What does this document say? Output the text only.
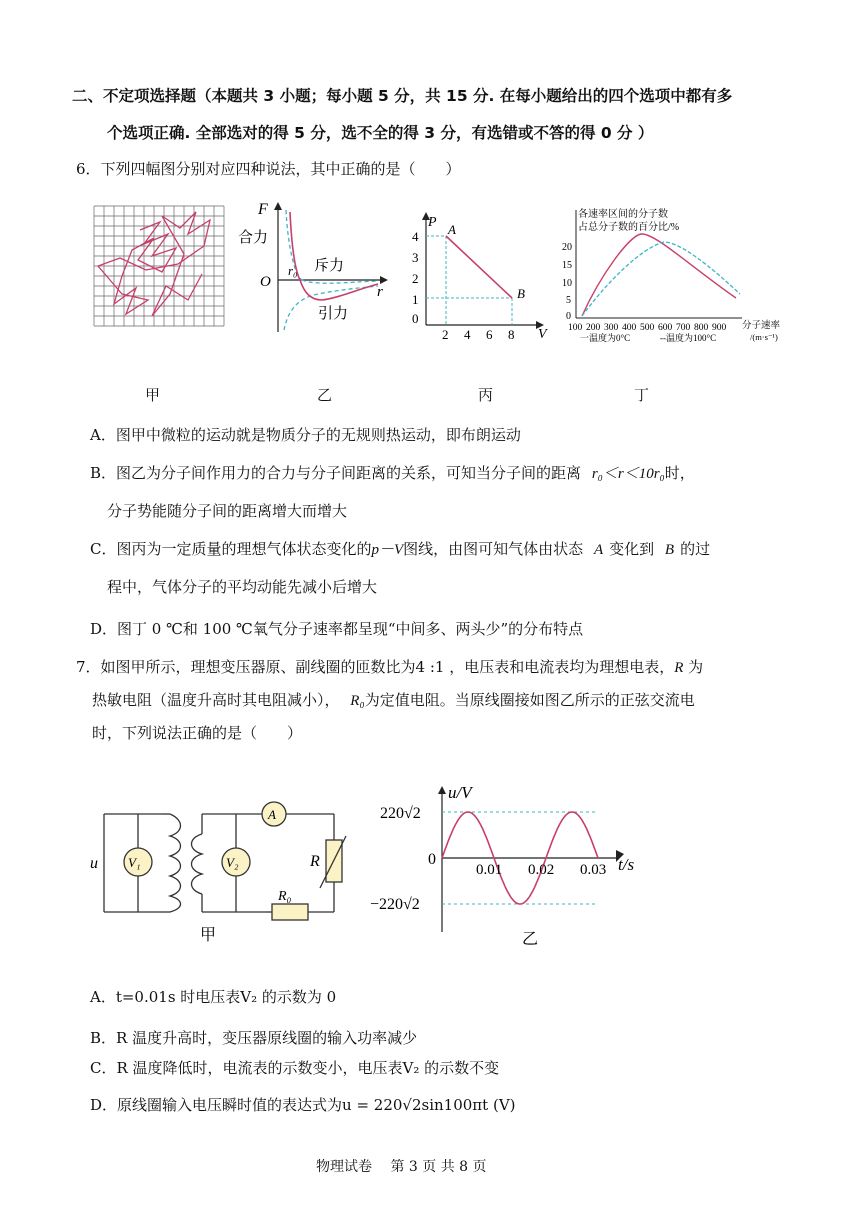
二、不定项选择题（本题共 3 小题；每小题 5 分，共 15 分. 在每小题给出的四个选项中都有多
个选项正确. 全部选对的得 5 分，选不全的得 3 分，有选错或不答的得 0 分 ）
6．下列四幅图分别对应四种说法，其中正确的是（　　）
F
合力
斥力
引力
O
r₀
r
P
V
4
3
2
1
0
2 4 6 8
A
B
各速率区间的分子数
占总分子数的百分比/%
20
15
10
5
0
100 200 300 400 500 600 700 800 900 分子速率
/(m·s⁻¹)
一温度为0°C	--温度为100°C
甲	乙	丙	丁
A．图甲中微粒的运动就是物质分子的无规则热运动，即布朗运动
B．图乙为分子间作用力的合力与分子间距离的关系，可知当分子间的距离 r₀＜r＜10r₀时，
分子势能随分子间的距离增大而增大
C．图丙为一定质量的理想气体状态变化的p－V图线，由图可知气体由状态 A 变化到 B 的过
程中，气体分子的平均动能先减小后增大
D．图丁 0 ℃和 100 ℃氧气分子速率都呈现“中间多、两头少”的分布特点
7．如图甲所示，理想变压器原、副线圈的匝数比为4 :1 ，电压表和电流表均为理想电表，R 为
热敏电阻（温度升高时其电阻减小）， R₀为定值电阻。当原线圈接如图乙所示的正弦交流电
时，下列说法正确的是（　　）
u V₁	V₂
A
R
R₀
甲
u/V
t/s
220√2
0
−220√2
0.01 0.02 0.03
乙
A．t=0.01s 时电压表V₂ 的示数为 0
B．R 温度升高时，变压器原线圈的输入功率减少
C．R 温度降低时，电流表的示数变小，电压表V₂ 的示数不变
D．原线圈输入电压瞬时值的表达式为u = 220√2sin100πt (V)
物理试卷　 第 3 页 共 8 页
